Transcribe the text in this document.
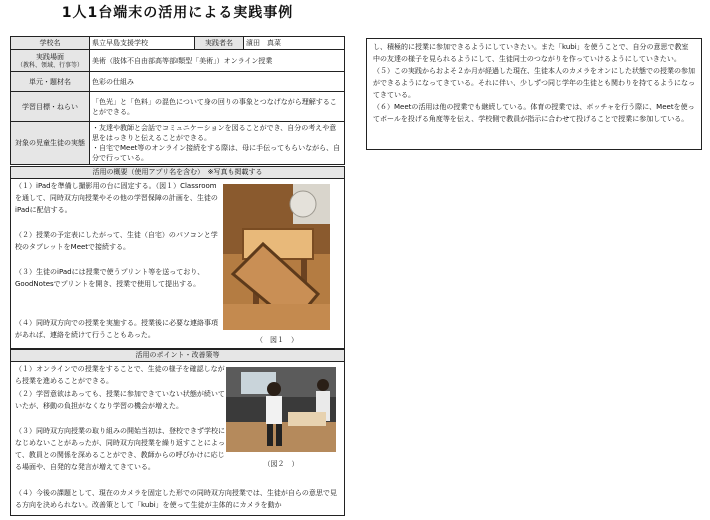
1人1台端末の活用による実践事例
学校名	県立早島支援学校	実践者名	濱田　真菜

実践場面
（教科、領域、行事等）	美術（肢体不自由部高等部Ⅰ類型「美術」）オンライン授業		
単元・題材名	色彩の仕組み		
学習目標・ねらい	「色光」と「色料」の混色について身の回りの事象とつなげながら理解することができる。		
対象の児童生徒の実態	・友達や教師と会話でコミュニケーションを図ることができ、自分の考えや意思をはっきりと伝えることができる。
・自宅でMeet等のオンライン接続をする際は、母に手伝ってもらいながら、自分で行っている。		
活用の概要（使用アプリ名を含む）　※写真も掲載する
（１）iPadを準備し撮影用の台に固定する。（図１）Classroomを通して、同時双方向授業やその他の学習保障の計画を、生徒のiPadに配信する。
（２）授業の予定表にしたがって、生徒（自宅）のパソコンと学校のタブレットをMeetで接続する。
（３）生徒のiPadには授業で使うプリント等を送っており、GoodNotesでプリントを開き、授業で使用して提出する。
（４）同時双方向での授業を実施する。授業後に必要な連絡事項があれば、連絡を続けて行うこともあった。
（　図１　）
活用のポイント・改善策等
（１）オンラインでの授業をすることで、生徒の様子を確認しながら授業を進めることができる。
（２）学習意欲はあっても、授業に参加できていない状態が続いていたが、移動の負担がなくなり学習の機会が増えた。
（３）同時双方向授業の取り組みの開始当初は、登校できず学校になじめないことがあったが、同時双方向授業を繰り返すことによって、教員との関係を深めることができ、教師からの呼びかけに応じる場面や、自発的な発言が増えてきている。
（４）今後の課題として、現在のカメラを固定した形での同時双方向授業では、生徒が自らの意思で見る方向を決められない。改善策として「kubi」を使って生徒が主体的にカメラを動か
（図２　）

し、積極的に授業に参加できるようにしていきたい。また「kubi」を使うことで、自分の意思で教室中の友達の様子を見られるようにして、生徒同士のつながりを作っていけるようにしていきたい。

（５）この実践からおよそ２か月が経過した現在、生徒本人のカメラをオンにした状態での授業の参加ができるようになってきている。それに伴い、少しずつ同じ学年の生徒とも関わりを持てるようになってきている。

（６）Meetの活用は他の授業でも継続している。体育の授業では、ボッチャを行う際に、Meetを使ってボールを投げる角度等を伝え、学校側で教員が指示に合わせて投げることで授業に参加している。
